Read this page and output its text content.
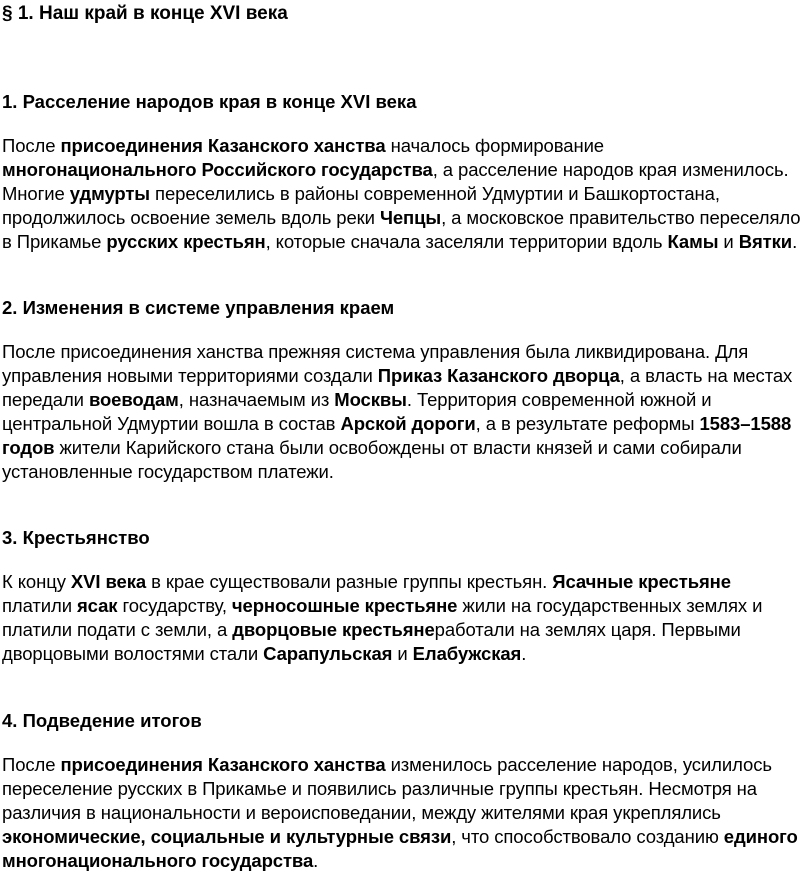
§ 1. Наш край в конце XVI века
1. Расселение народов края в конце XVI века

После присоединения Казанского ханства началось формирование многонационального Российского государства, а расселение народов края изменилось. Многие удмурты переселились в районы современной Удмуртии и Башкортостана, продолжилось освоение земель вдоль реки Чепцы, а московское правительство переселяло в Прикамье русских крестьян, которые сначала заселяли территории вдоль Камы и Вятки.

2. Изменения в системе управления краем

После присоединения ханства прежняя система управления была ликвидирована. Для управления новыми территориями создали Приказ Казанского дворца, а власть на местах передали воеводам, назначаемым из Москвы. Территория современной южной и центральной Удмуртии вошла в состав Арской дороги, а в результате реформы 1583–1588 годов жители Карийского стана были освобождены от власти князей и сами собирали установленные государством платежи.

3. Крестьянство

К концу XVI века в крае существовали разные группы крестьян. Ясачные крестьяне платили ясак государству, черносошные крестьяне жили на государственных землях и платили подати с земли, а дворцовые крестьянеработали на землях царя. Первыми дворцовыми волостями стали Сарапульская и Елабужская.

4. Подведение итогов

После присоединения Казанского ханства изменилось расселение народов, усилилось переселение русских в Прикамье и появились различные группы крестьян. Несмотря на различия в национальности и вероисповедании, между жителями края укреплялись экономические, социальные и культурные связи, что способствовало созданию единого многонационального государства.
